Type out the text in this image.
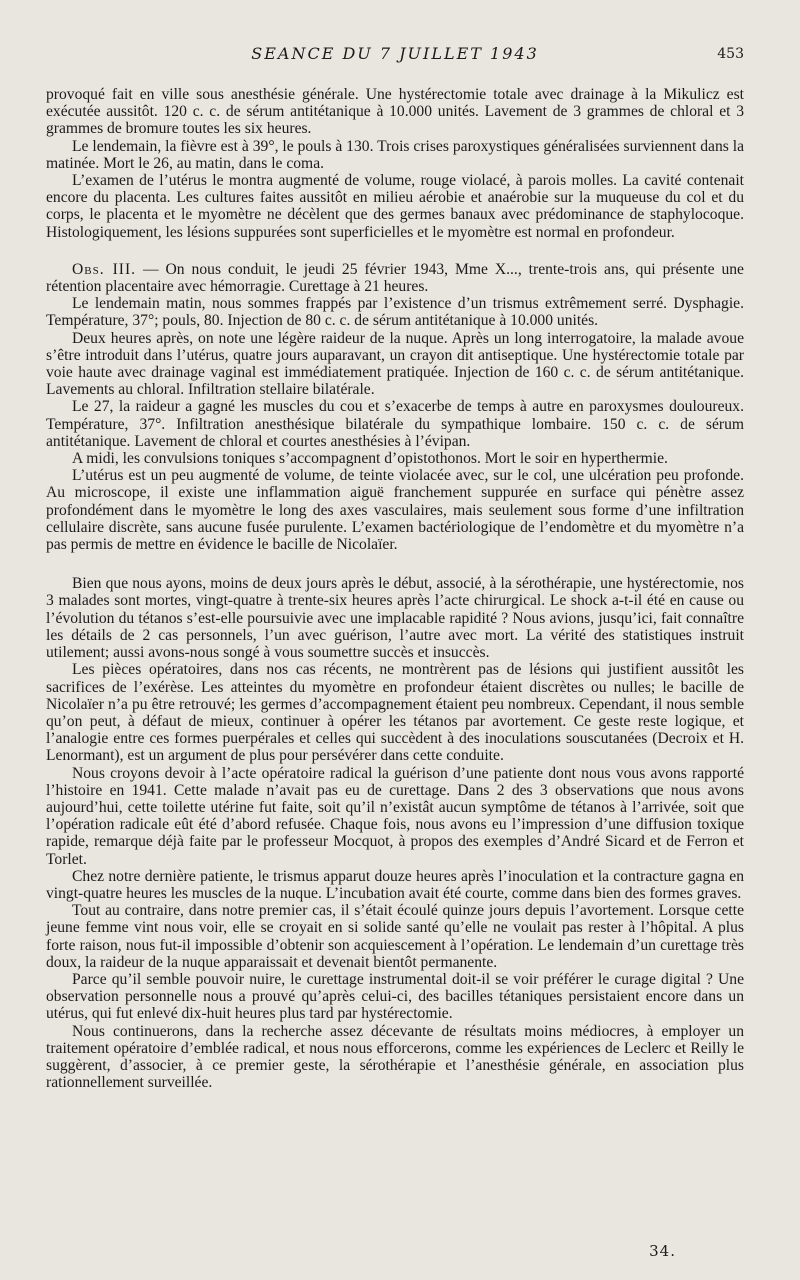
SEANCE DU 7 JUILLET 1943	453

provoqué fait en ville sous anesthésie générale. Une hystérectomie totale avec drainage à la Mikulicz est exécutée aussitôt. 120 c. c. de sérum antitétanique à 10.000 unités. Lavement de 3 grammes de chloral et 3 grammes de bromure toutes les six heures.

Le lendemain, la fièvre est à 39°, le pouls à 130. Trois crises paroxystiques généralisées surviennent dans la matinée. Mort le 26, au matin, dans le coma.

L’examen de l’utérus le montra augmenté de volume, rouge violacé, à parois molles. La cavité contenait encore du placenta. Les cultures faites aussitôt en milieu aérobie et anaérobie sur la muqueuse du col et du corps, le placenta et le myomètre ne décèlent que des germes banaux avec prédominance de staphylocoque. Histologiquement, les lésions suppurées sont superficielles et le myomètre est normal en profondeur.

Obs. III. — On nous conduit, le jeudi 25 février 1943, Mme X..., trente-trois ans, qui présente une rétention placentaire avec hémorragie. Curettage à 21 heures.

Le lendemain matin, nous sommes frappés par l’existence d’un trismus extrêmement serré. Dysphagie. Température, 37°; pouls, 80. Injection de 80 c. c. de sérum antitétanique à 10.000 unités.

Deux heures après, on note une légère raideur de la nuque. Après un long interrogatoire, la malade avoue s’être introduit dans l’utérus, quatre jours auparavant, un crayon dit antiseptique. Une hystérectomie totale par voie haute avec drainage vaginal est immédiatement pratiquée. Injection de 160 c. c. de sérum antitétanique. Lavements au chloral. Infiltration stellaire bilatérale.

Le 27, la raideur a gagné les muscles du cou et s’exacerbe de temps à autre en paroxysmes douloureux. Température, 37°. Infiltration anesthésique bilatérale du sympathique lombaire. 150 c. c. de sérum antitétanique. Lavement de chloral et courtes anesthésies à l’évipan.

A midi, les convulsions toniques s’accompagnent d’opistothonos. Mort le soir en hyperthermie.

L’utérus est un peu augmenté de volume, de teinte violacée avec, sur le col, une ulcération peu profonde. Au microscope, il existe une inflammation aiguë franchement suppurée en surface qui pénètre assez profondément dans le myomètre le long des axes vasculaires, mais seulement sous forme d’une infiltration cellulaire discrète, sans aucune fusée purulente. L’examen bactériologique de l’endomètre et du myomètre n’a pas permis de mettre en évidence le bacille de Nicolaïer.

Bien que nous ayons, moins de deux jours après le début, associé, à la sérothérapie, une hystérectomie, nos 3 malades sont mortes, vingt-quatre à trente-six heures après l’acte chirurgical. Le shock a-t-il été en cause ou l’évolution du tétanos s’est-elle poursuivie avec une implacable rapidité ? Nous avions, jusqu’ici, fait connaître les détails de 2 cas personnels, l’un avec guérison, l’autre avec mort. La vérité des statistiques instruit utilement; aussi avons-nous songé à vous soumettre succès et insuccès.

Les pièces opératoires, dans nos cas récents, ne montrèrent pas de lésions qui justifient aussitôt les sacrifices de l’exérèse. Les atteintes du myomètre en profondeur étaient discrètes ou nulles; le bacille de Nicolaïer n’a pu être retrouvé; les germes d’accompagnement étaient peu nombreux. Cependant, il nous semble qu’on peut, à défaut de mieux, continuer à opérer les tétanos par avortement. Ce geste reste logique, et l’analogie entre ces formes puerpérales et celles qui succèdent à des inoculations souscutanées (Decroix et H. Lenormant), est un argument de plus pour persévérer dans cette conduite.

Nous croyons devoir à l’acte opératoire radical la guérison d’une patiente dont nous vous avons rapporté l’histoire en 1941. Cette malade n’avait pas eu de curettage. Dans 2 des 3 observations que nous avons aujourd’hui, cette toilette utérine fut faite, soit qu’il n’existât aucun symptôme de tétanos à l’arrivée, soit que l’opération radicale eût été d’abord refusée. Chaque fois, nous avons eu l’impression d’une diffusion toxique rapide, remarque déjà faite par le professeur Mocquot, à propos des exemples d’André Sicard et de Ferron et Torlet.

Chez notre dernière patiente, le trismus apparut douze heures après l’inoculation et la contracture gagna en vingt-quatre heures les muscles de la nuque. L’incubation avait été courte, comme dans bien des formes graves.

Tout au contraire, dans notre premier cas, il s’était écoulé quinze jours depuis l’avortement. Lorsque cette jeune femme vint nous voir, elle se croyait en si solide santé qu’elle ne voulait pas rester à l’hôpital. A plus forte raison, nous fut-il impossible d’obtenir son acquiescement à l’opération. Le lendemain d’un curettage très doux, la raideur de la nuque apparaissait et devenait bientôt permanente.

Parce qu’il semble pouvoir nuire, le curettage instrumental doit-il se voir préférer le curage digital ? Une observation personnelle nous a prouvé qu’après celui-ci, des bacilles tétaniques persistaient encore dans un utérus, qui fut enlevé dix-huit heures plus tard par hystérectomie.

Nous continuerons, dans la recherche assez décevante de résultats moins médiocres, à employer un traitement opératoire d’emblée radical, et nous nous efforcerons, comme les expériences de Leclerc et Reilly le suggèrent, d’associer, à ce premier geste, la sérothérapie et l’anesthésie générale, en association plus rationnellement surveillée.

34.
